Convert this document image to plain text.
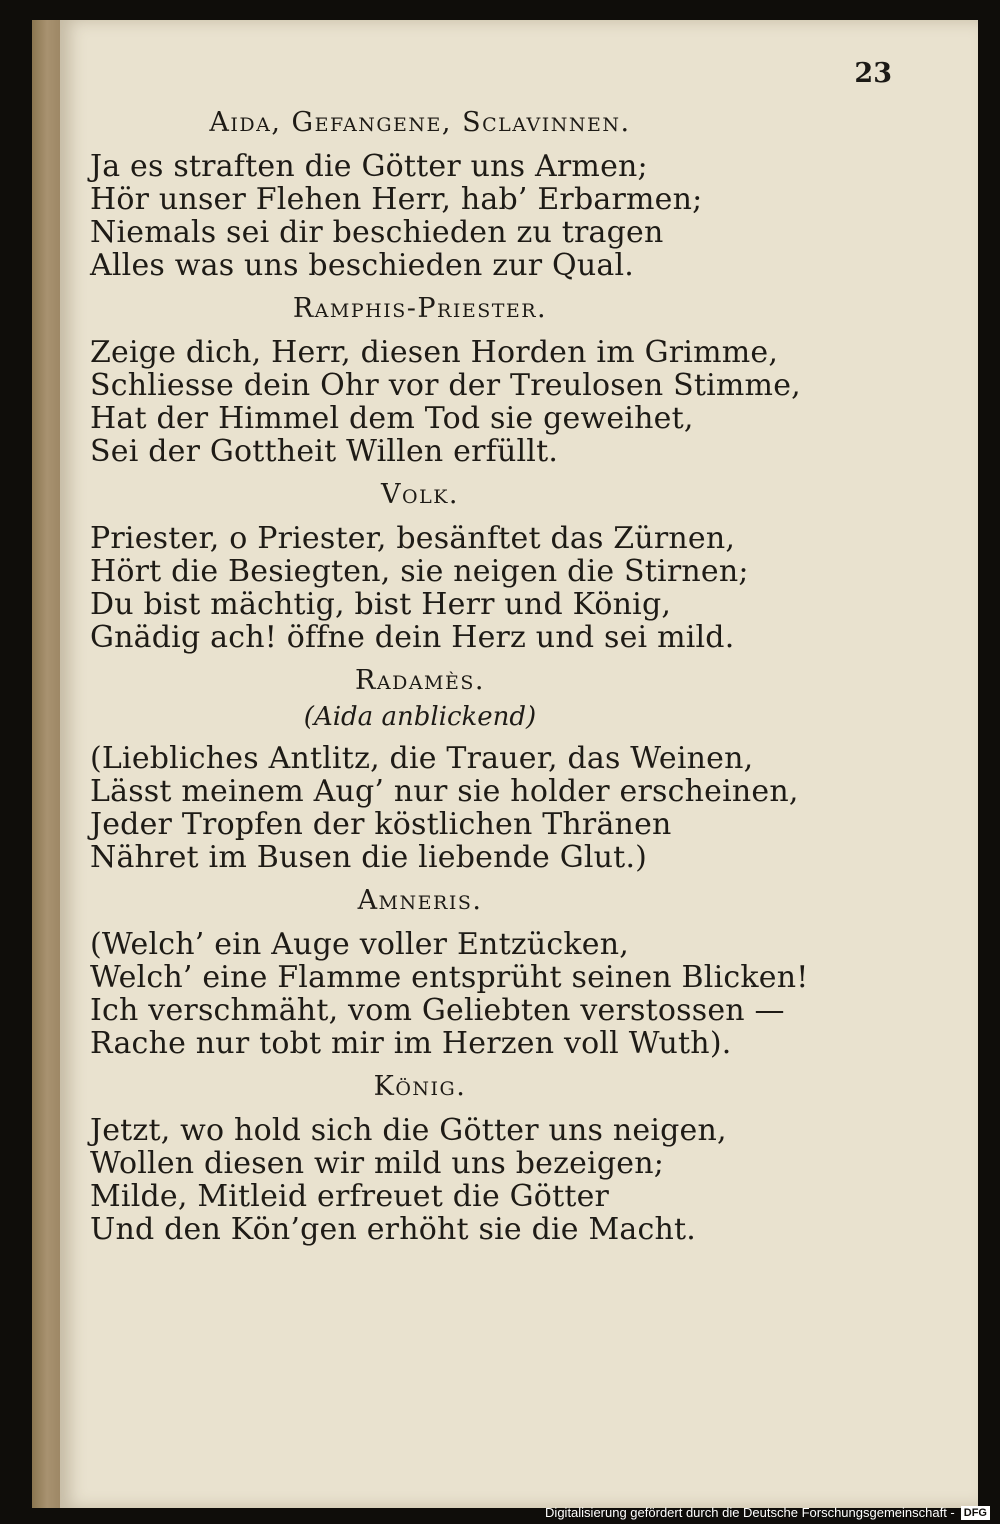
23
Aida, Gefangene, Sclavinnen.
Ja es straften die Götter uns Armen;
Hör unser Flehen Herr, hab’ Erbarmen;
Niemals sei dir beschieden zu tragen
Alles was uns beschieden zur Qual.
Ramphis-Priester.
Zeige dich, Herr, diesen Horden im Grimme,
Schliesse dein Ohr vor der Treulosen Stimme,
Hat der Himmel dem Tod sie geweihet,
Sei der Gottheit Willen erfüllt.
Volk.
Priester, o Priester, besänftet das Zürnen,
Hört die Besiegten, sie neigen die Stirnen;
Du bist mächtig, bist Herr und König,
Gnädig ach! öffne dein Herz und sei mild.
Radamès.
(Aida anblickend)
(Liebliches Antlitz, die Trauer, das Weinen,
Lässt meinem Aug’ nur sie holder erscheinen,
Jeder Tropfen der köstlichen Thränen
Nähret im Busen die liebende Glut.)
Amneris.
(Welch’ ein Auge voller Entzücken,
Welch’ eine Flamme entsprüht seinen Blicken!
Ich verschmäht, vom Geliebten verstossen —
Rache nur tobt mir im Herzen voll Wuth).
König.
Jetzt, wo hold sich die Götter uns neigen,
Wollen diesen wir mild uns bezeigen;
Milde, Mitleid erfreuet die Götter
Und den Kön’gen erhöht sie die Macht.
Digitalisierung gefördert durch die Deutsche Forschungsgemeinschaft - DFG
